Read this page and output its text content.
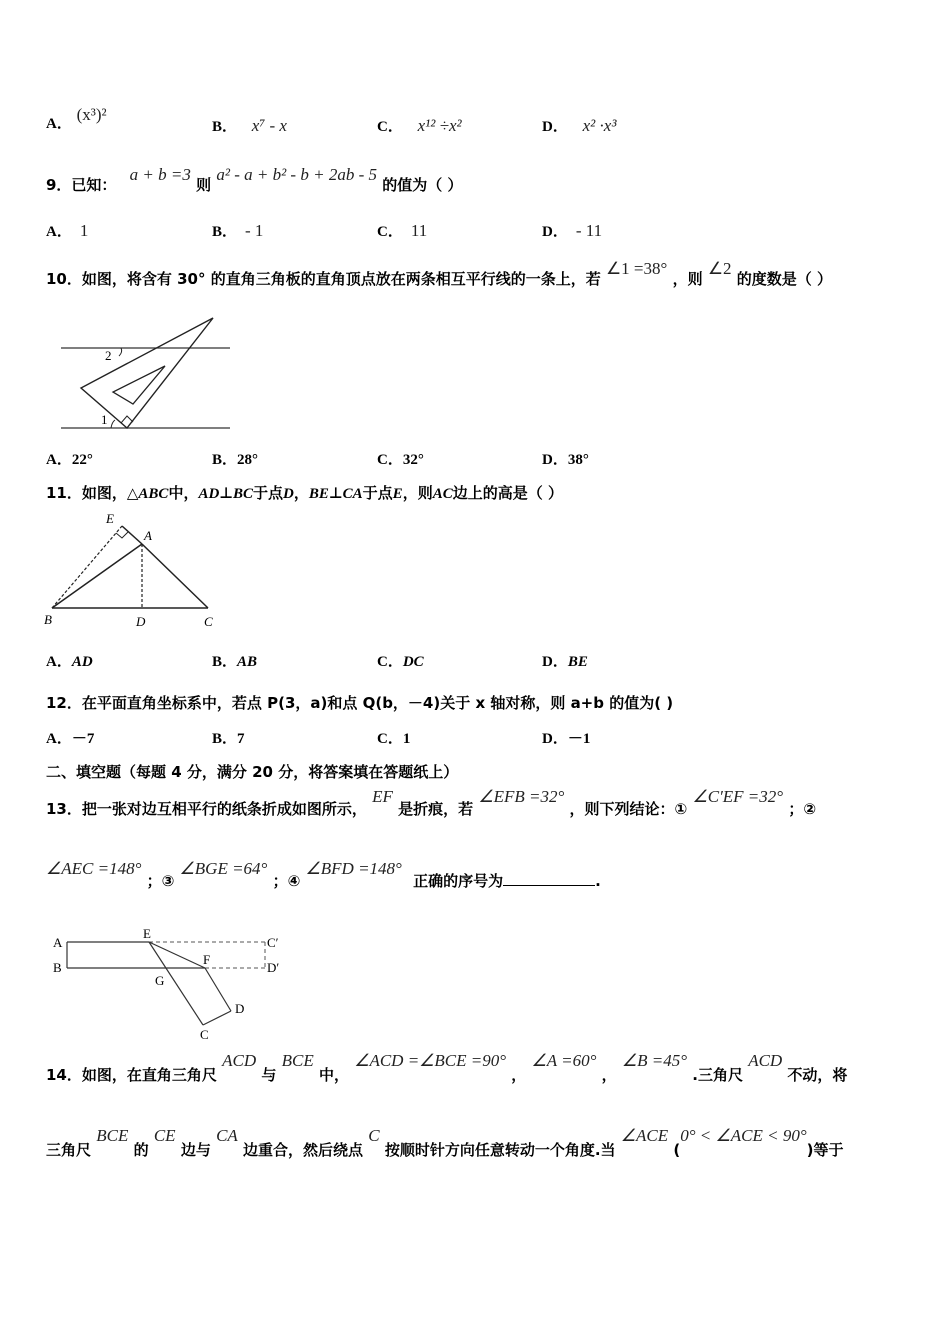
A． (x³)²
B． x⁷ - x	C． x¹² ÷x²	D． x² ·x³
9．已知： a + b =3 则 a² - a + b² - b + 2ab - 5 的值为（ ）
A． 1	B． - 1	C． 11	D． - 11
10．如图，将含有 30° 的直角三角板的直角顶点放在两条相互平行线的一条上，若 ∠1 =38° ，则 ∠2 的度数是（ ）
2
1
A．22°	B．28°	C．32°	D．38°
11．如图，△ABC中，AD⊥BC于点D，BE⊥CA于点E，则AC边上的高是（ ）
E
A
B	D	C
A．AD	B．AB	C．DC	D．BE
12．在平面直角坐标系中，若点 P(3，a)和点 Q(b，－4)关于 x 轴对称，则 a+b 的值为( )
A．－7	B．7	C．1	D．－1
二、填空题（每题 4 分，满分 20 分，将答案填在答题纸上）
13．把一张对边互相平行的纸条折成如图所示， EF 是折痕，若 ∠EFB =32° ，则下列结论：① ∠C′EF =32° ；②
∠AEC =148° ；③ ∠BGE =64° ；④ ∠BFD =148° 正确的序号为	.
A
B
E
F
G
C
D
C′
D′
14．如图，在直角三角尺 ACD 与 BCE 中， ∠ACD =∠BCE =90° ， ∠A =60° ， ∠B =45° .三角尺 ACD 不动，将
三角尺 BCE 的 CE 边与 CA 边重合，然后绕点 C 按顺时针方向任意转动一个角度.当 ∠ACE (0° < ∠ACE < 90°)等于
